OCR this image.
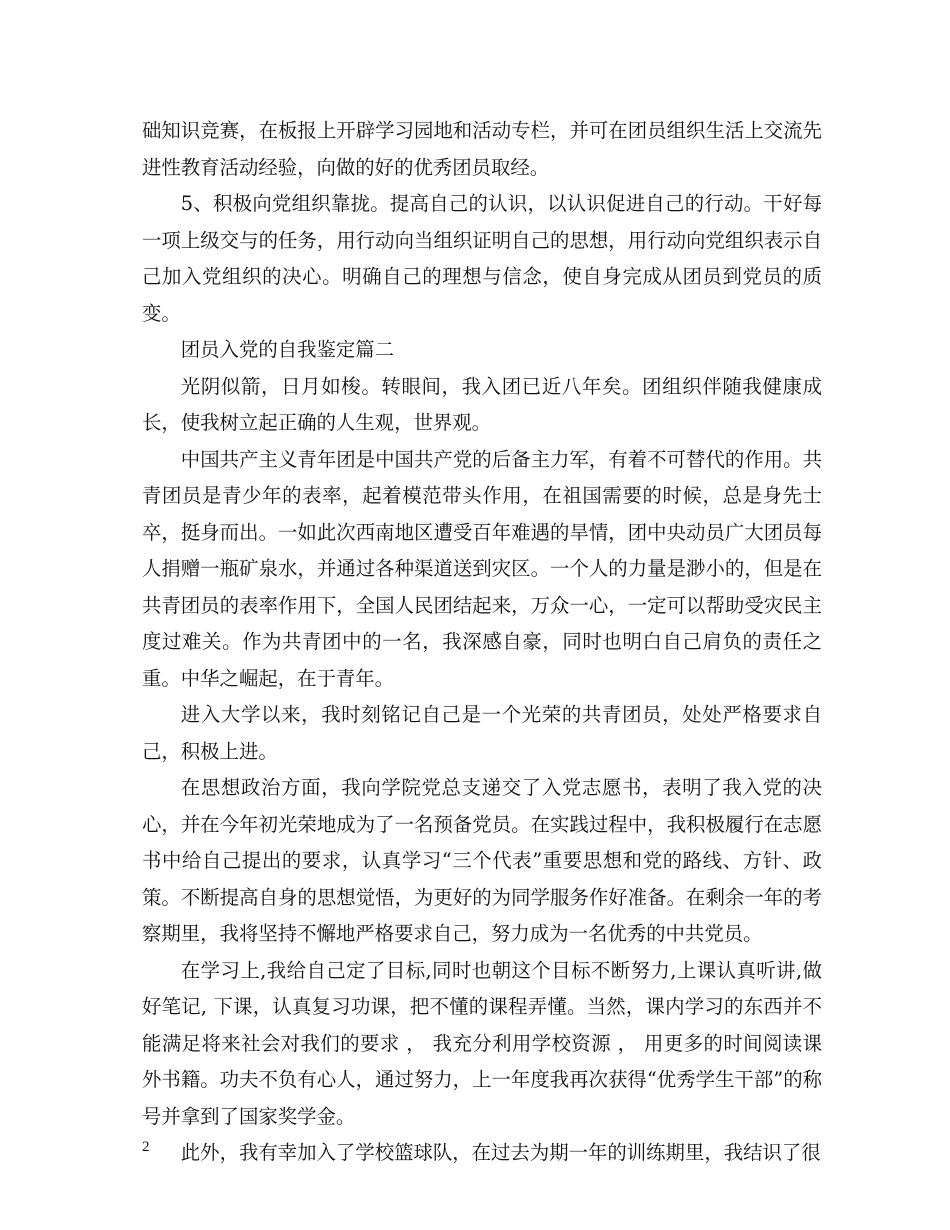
础知识竞赛，在板报上开辟学习园地和活动专栏，并可在团员组织生活上交流先进性教育活动经验，向做的好的优秀团员取经。

5、积极向党组织靠拢。提高自己的认识，以认识促进自己的行动。干好每一项上级交与的任务，用行动向当组织证明自己的思想，用行动向党组织表示自己加入党组织的决心。明确自己的理想与信念，使自身完成从团员到党员的质变。

团员入党的自我鉴定篇二

光阴似箭，日月如梭。转眼间，我入团已近八年矣。团组织伴随我健康成长，使我树立起正确的人生观，世界观。

中国共产主义青年团是中国共产党的后备主力军，有着不可替代的作用。共青团员是青少年的表率，起着模范带头作用，在祖国需要的时候，总是身先士卒，挺身而出。一如此次西南地区遭受百年难遇的旱情，团中央动员广大团员每人捐赠一瓶矿泉水，并通过各种渠道送到灾区。一个人的力量是渺小的，但是在共青团员的表率作用下，全国人民团结起来，万众一心，一定可以帮助受灾民主度过难关。作为共青团中的一名，我深感自豪，同时也明白自己肩负的责任之重。中华之崛起，在于青年。

进入大学以来，我时刻铭记自己是一个光荣的共青团员，处处严格要求自己，积极上进。

在思想政治方面，我向学院党总支递交了入党志愿书，表明了我入党的决心，并在今年初光荣地成为了一名预备党员。在实践过程中，我积极履行在志愿书中给自己提出的要求，认真学习“三个代表”重要思想和党的路线、方针、政策。不断提高自身的思想觉悟，为更好的为同学服务作好准备。在剩余一年的考察期里，我将坚持不懈地严格要求自己，努力成为一名优秀的中共党员。

在学习上,我给自己定了目标,同时也朝这个目标不断努力,上课认真听讲,做好笔记, 下课，认真复习功课，把不懂的课程弄懂。当然，课内学习的东西并不能满足将来社会对我们的要求 ， 我充分利用学校资源 ， 用更多的时间阅读课外书籍。功夫不负有心人，通过努力，上一年度我再次获得“优秀学生干部”的称号并拿到了国家奖学金。

此外，我有幸加入了学校篮球队，在过去为期一年的训练期里，我结识了很

2
